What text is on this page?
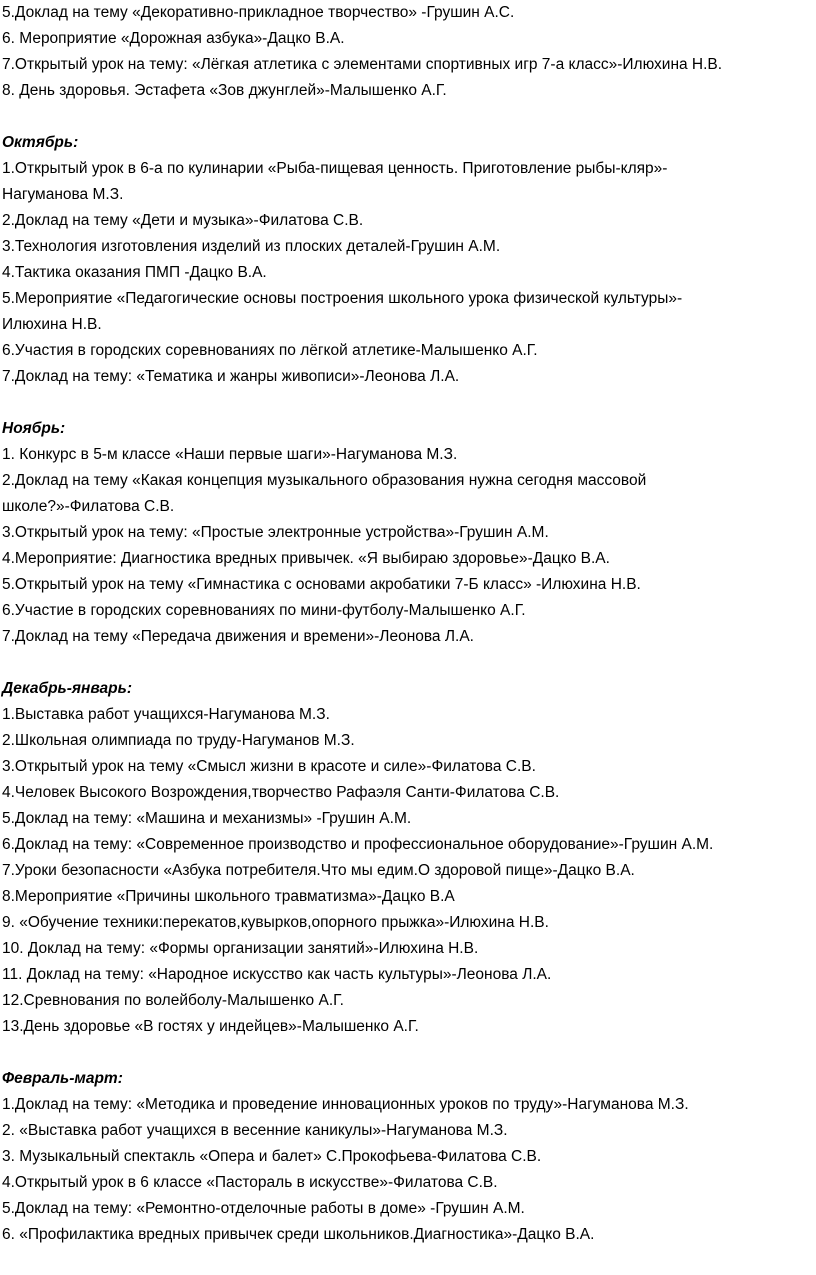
5.Доклад на тему «Декоративно-прикладное творчество» -Грушин А.С.

6. Мероприятие «Дорожная азбука»-Дацко В.А.

7.Открытый урок на тему: «Лёгкая атлетика с элементами спортивных игр 7-а класс»-Илюхина Н.В.

8. День здоровья. Эстафета «Зов джунглей»-Малышенко А.Г.

Октябрь:

1.Открытый урок в 6-а по кулинарии «Рыба-пищевая ценность. Приготовление рыбы-кляр»-

Нагуманова М.З.

2.Доклад на тему «Дети и музыка»-Филатова С.В.

3.Технология изготовления изделий из плоских деталей-Грушин А.М.

4.Тактика оказания ПМП -Дацко В.А.

5.Мероприятие «Педагогические основы построения школьного урока физической культуры»-

Илюхина Н.В.

6.Участия в городских соревнованиях по лёгкой атлетике-Малышенко А.Г.

7.Доклад на тему: «Тематика и жанры живописи»-Леонова Л.А.

Ноябрь:

1. Конкурс в 5-м классе «Наши первые шаги»-Нагуманова М.З.

2.Доклад на тему «Какая концепция музыкального образования нужна сегодня массовой

школе?»-Филатова С.В.

3.Открытый урок на тему: «Простые электронные устройства»-Грушин А.М.

4.Мероприятие: Диагностика вредных привычек. «Я выбираю здоровье»-Дацко В.А.

5.Открытый урок на тему «Гимнастика с основами акробатики 7-Б класс» -Илюхина Н.В.

6.Участие в городских соревнованиях по мини-футболу-Малышенко А.Г.

7.Доклад на тему «Передача движения и времени»-Леонова Л.А.

Декабрь-январь:

1.Выставка работ учащихся-Нагуманова М.З.

2.Школьная олимпиада по труду-Нагуманов М.З.

3.Открытый урок на тему «Смысл жизни в красоте и силе»-Филатова С.В.

4.Человек Высокого Возрождения,творчество Рафаэля Санти-Филатова С.В.

5.Доклад на тему: «Машина и механизмы» -Грушин А.М.

6.Доклад на тему: «Современное производство и профессиональное оборудование»-Грушин А.М.

7.Уроки безопасности «Азбука потребителя.Что мы едим.О здоровой пище»-Дацко В.А.

8.Мероприятие «Причины школьного травматизма»-Дацко В.А

9. «Обучение техники:перекатов,кувырков,опорного прыжка»-Илюхина Н.В.

10. Доклад на тему: «Формы организации занятий»-Илюхина Н.В.

11. Доклад на тему: «Народное искусство как часть культуры»-Леонова Л.А.

12.Сревнования по волейболу-Малышенко А.Г.

13.День здоровье «В гостях у индейцев»-Малышенко А.Г.

Февраль-март:

1.Доклад на тему: «Методика и проведение инновационных уроков по труду»-Нагуманова М.З.

2. «Выставка работ учащихся в весенние каникулы»-Нагуманова М.З.

3. Музыкальный спектакль «Опера и балет» С.Прокофьева-Филатова С.В.

4.Открытый урок в 6 классе «Пастораль в искусстве»-Филатова С.В.

5.Доклад на тему: «Ремонтно-отделочные работы в доме» -Грушин А.М.

6. «Профилактика вредных привычек среди школьников.Диагностика»-Дацко В.А.
